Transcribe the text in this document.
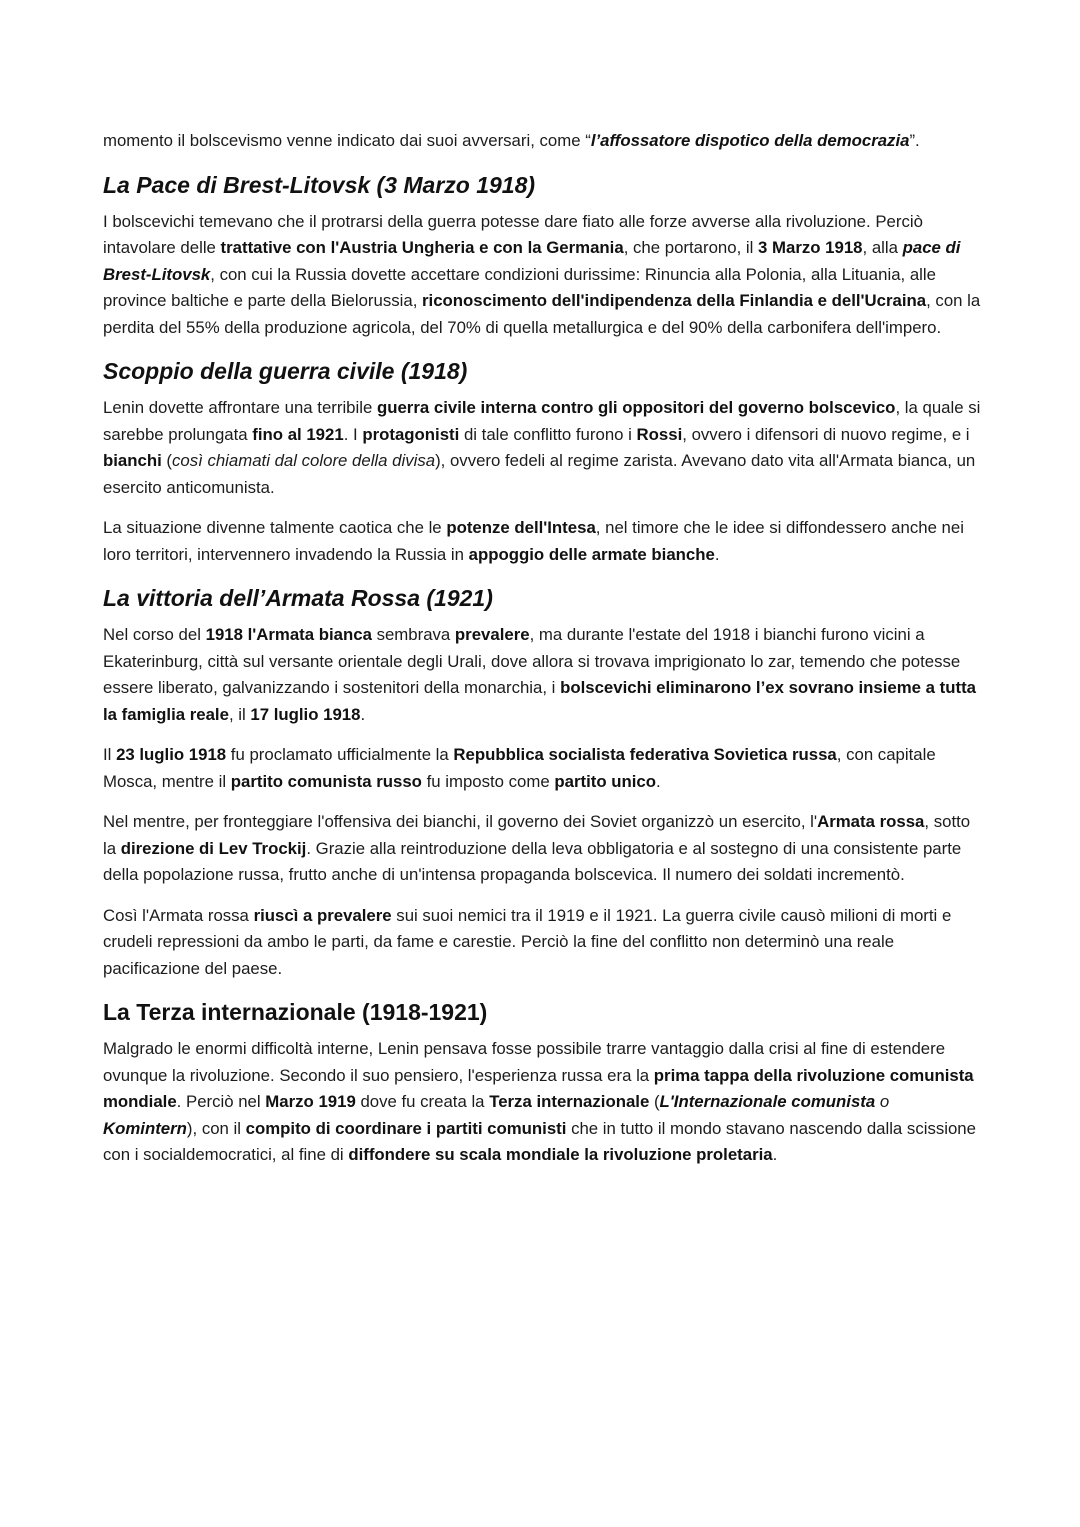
momento il bolscevismo venne indicato dai suoi avversari, come “l’affossatore dispotico della democrazia”.

La Pace di Brest-Litovsk (3 Marzo 1918)

I bolscevichi temevano che il protrarsi della guerra potesse dare fiato alle forze avverse alla rivoluzione. Perciò intavolare delle trattative con l'Austria Ungheria e con la Germania, che portarono, il 3 Marzo 1918, alla pace di Brest-Litovsk, con cui la Russia dovette accettare condizioni durissime: Rinuncia alla Polonia, alla Lituania, alle province baltiche e parte della Bielorussia, riconoscimento dell'indipendenza della Finlandia e dell'Ucraina, con la perdita del 55% della produzione agricola, del 70% di quella metallurgica e del 90% della carbonifera dell'impero.

Scoppio della guerra civile (1918)

Lenin dovette affrontare una terribile guerra civile interna contro gli oppositori del governo bolscevico, la quale si sarebbe prolungata fino al 1921. I protagonisti di tale conflitto furono i Rossi, ovvero i difensori di nuovo regime, e i bianchi (così chiamati dal colore della divisa), ovvero fedeli al regime zarista. Avevano dato vita all'Armata bianca, un esercito anticomunista.

La situazione divenne talmente caotica che le potenze dell'Intesa, nel timore che le idee si diffondessero anche nei loro territori, intervennero invadendo la Russia in appoggio delle armate bianche.

La vittoria dell’Armata Rossa (1921)

Nel corso del 1918 l'Armata bianca sembrava prevalere, ma durante l'estate del 1918 i bianchi furono vicini a Ekaterinburg, città sul versante orientale degli Urali, dove allora si trovava imprigionato lo zar, temendo che potesse essere liberato, galvanizzando i sostenitori della monarchia, i bolscevichi eliminarono l’ex sovrano insieme a tutta la famiglia reale, il 17 luglio 1918.

Il 23 luglio 1918 fu proclamato ufficialmente la Repubblica socialista federativa Sovietica russa, con capitale Mosca, mentre il partito comunista russo fu imposto come partito unico.

Nel mentre, per fronteggiare l'offensiva dei bianchi, il governo dei Soviet organizzò un esercito, l'Armata rossa, sotto la direzione di Lev Trockij. Grazie alla reintroduzione della leva obbligatoria e al sostegno di una consistente parte della popolazione russa, frutto anche di un'intensa propaganda bolscevica. Il numero dei soldati incrementò.

Così l'Armata rossa riuscì a prevalere sui suoi nemici tra il 1919 e il 1921. La guerra civile causò milioni di morti e crudeli repressioni da ambo le parti, da fame e carestie. Perciò la fine del conflitto non determinò una reale pacificazione del paese.

La Terza internazionale (1918-1921)

Malgrado le enormi difficoltà interne, Lenin pensava fosse possibile trarre vantaggio dalla crisi al fine di estendere ovunque la rivoluzione. Secondo il suo pensiero, l'esperienza russa era la prima tappa della rivoluzione comunista mondiale. Perciò nel Marzo 1919 dove fu creata la Terza internazionale (L'Internazionale comunista o Komintern), con il compito di coordinare i partiti comunisti che in tutto il mondo stavano nascendo dalla scissione con i socialdemocratici, al fine di diffondere su scala mondiale la rivoluzione proletaria.
